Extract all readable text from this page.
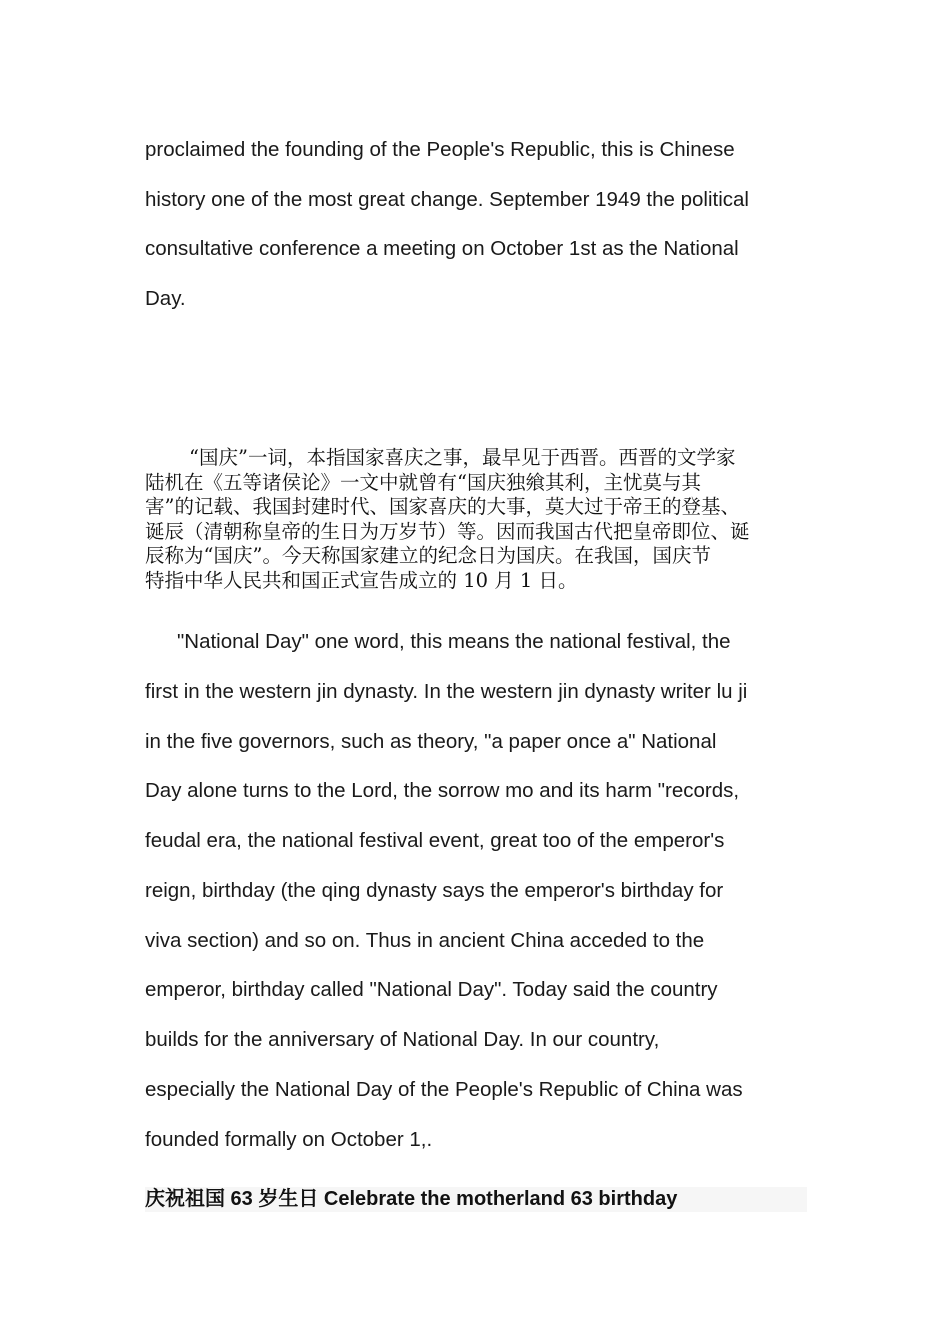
proclaimed the founding of the People's Republic, this is Chinese
history one of the most great change. September 1949 the political
consultative conference a meeting on October 1st as the National
Day.
“国庆”一词，本指国家喜庆之事，最早见于西晋。西晋的文学家
陆机在《五等诸侯论》一文中就曾有“国庆独飨其利，主忧莫与其
害”的记载、我国封建时代、国家喜庆的大事，莫大过于帝王的登基、
诞辰（清朝称皇帝的生日为万岁节）等。因而我国古代把皇帝即位、诞
辰称为“国庆”。今天称国家建立的纪念日为国庆。在我国，国庆节
特指中华人民共和国正式宣告成立的 10 月 1 日。
"National Day" one word, this means the national festival, the
first in the western jin dynasty. In the western jin dynasty writer lu ji
in the five governors, such as theory, "a paper once a" National
Day alone turns to the Lord, the sorrow mo and its harm "records,
feudal era, the national festival event, great too of the emperor's
reign, birthday (the qing dynasty says the emperor's birthday for
viva section) and so on. Thus in ancient China acceded to the
emperor, birthday called "National Day". Today said the country
builds for the anniversary of National Day. In our country,
especially the National Day of the People's Republic of China was
founded formally on October 1,.
庆祝祖国 63 岁生日 Celebrate the motherland 63 birthday
